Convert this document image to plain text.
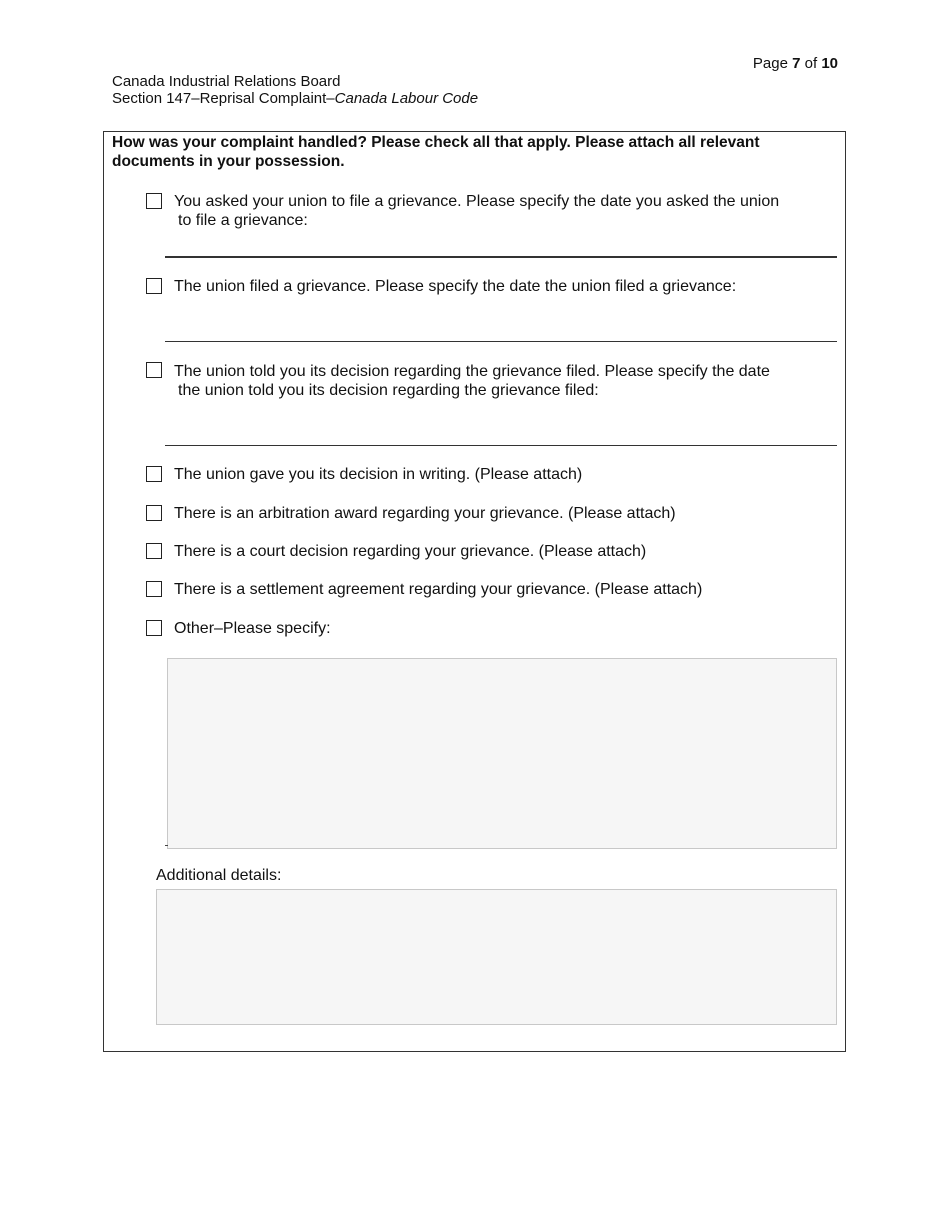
Page 7 of 10
Canada Industrial Relations Board
Section 147–Reprisal Complaint–Canada Labour Code
How was your complaint handled? Please check all that apply. Please attach all relevant documents in your possession.
You asked your union to file a grievance. Please specify the date you asked the union
to file a grievance:
The union filed a grievance. Please specify the date the union filed a grievance:
The union told you its decision regarding the grievance filed. Please specify the date
the union told you its decision regarding the grievance filed:
The union gave you its decision in writing. (Please attach)
There is an arbitration award regarding your grievance. (Please attach)
There is a court decision regarding your grievance. (Please attach)
There is a settlement agreement regarding your grievance. (Please attach)
Other–Please specify:
Additional details:
